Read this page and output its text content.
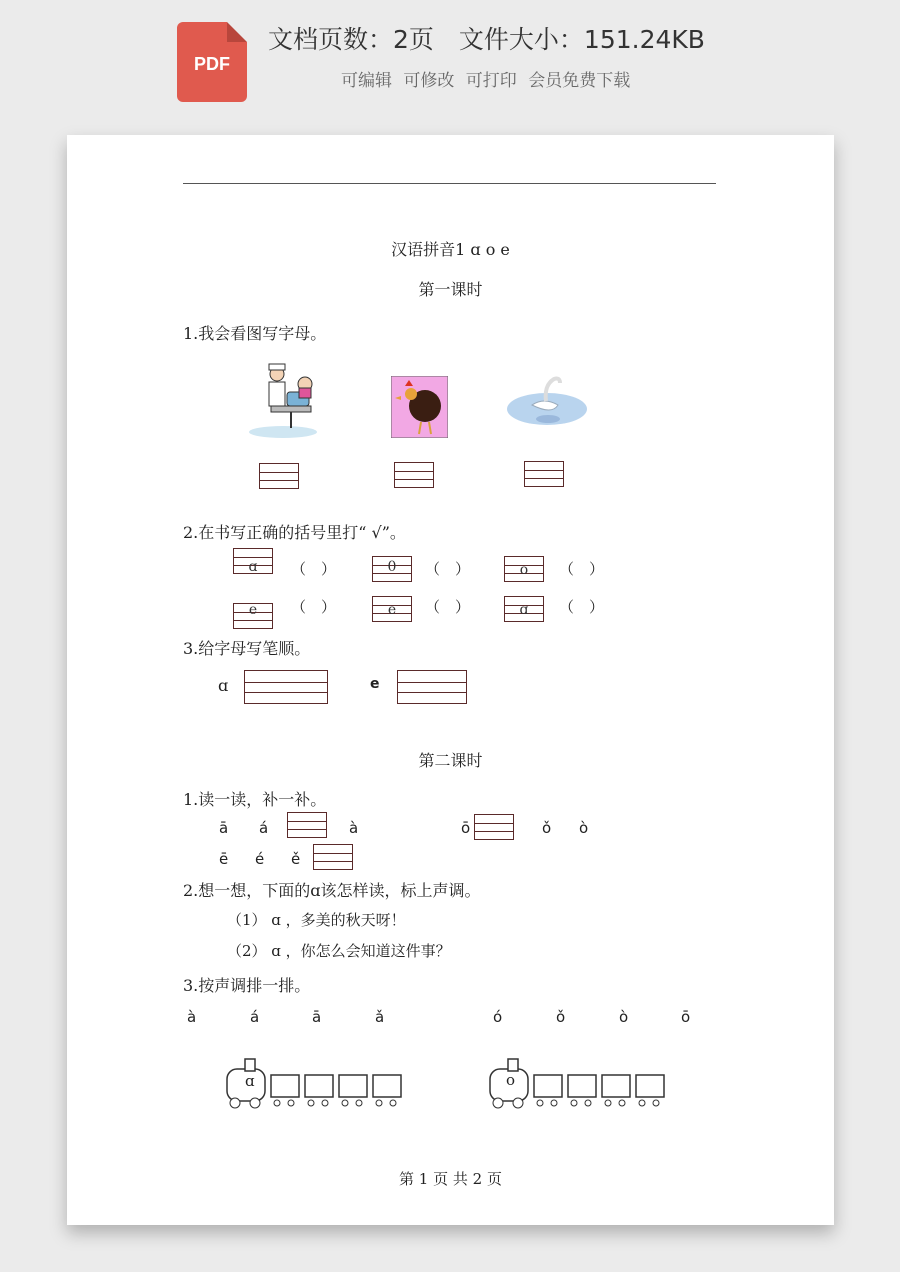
PDF
文档页数：2页　文件大小：151.24KB
可编辑 可修改 可打印 会员免费下载
汉语拼音1 ɑ o e
第一课时
1.我会看图写字母。
2.在书写正确的括号里打“ √”。
ɑ	（　）	0	（　）	o	（　）
e	（　）	e	（　）	ɑ	（　）
3.给字母写笔顺。
ɑ	e
第二课时
1.读一读，补一补。
ā á	à	ō	ǒ ò
ē é ě
2.想一想，下面的ɑ该怎样读，标上声调。
（1） ɑ ，多美的秋天呀！
（2） ɑ ，你怎么会知道这件事？
3.按声调排一排。
à	á	ā	ǎ	ó	ǒ	ò	ō
ɑ	o
第 1 页 共 2 页
